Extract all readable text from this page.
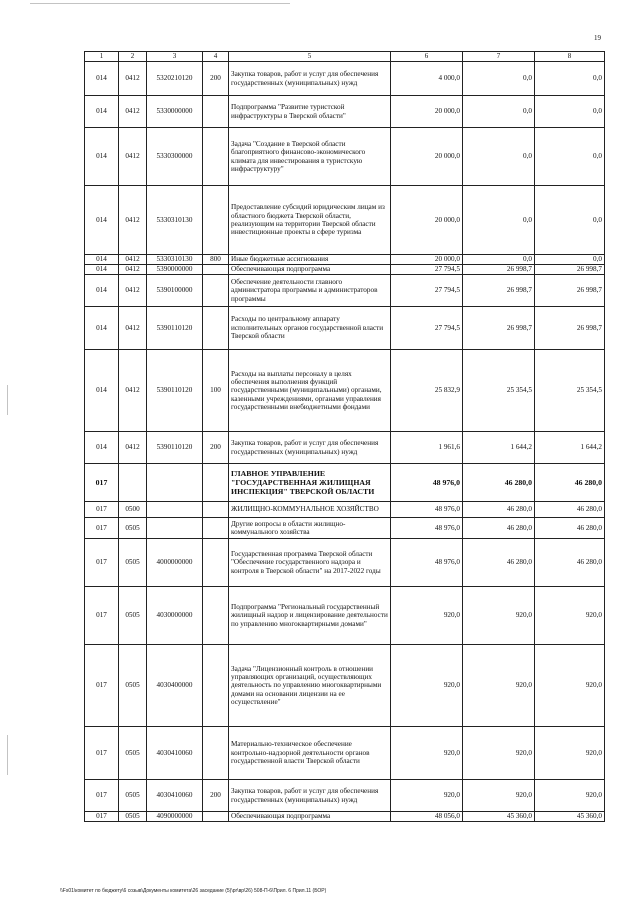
19
1	2	3	4	5	6	7	8
014	0412	5320210120	200	Закупка товаров, работ и услуг для обеспечения государственных (муниципальных) нужд	4 000,0	0,0	0,0
014	0412	5330000000		Подпрограмма "Развитие туристской инфраструктуры в Тверской области"	20 000,0	0,0	0,0
014	0412	5330300000		Задача "Создание в Тверской области благоприятного финансово-экономического климата для инвестирования в туристскую инфраструктуру"	20 000,0	0,0	0,0
014	0412	5330310130		Предоставление субсидий юридическим лицам из областного бюджета Тверской области, реализующим на территории Тверской области инвестиционные проекты в сфере туризма	20 000,0	0,0	0,0
014	0412	5330310130	800	Иные бюджетные ассигнования	20 000,0	0,0	0,0
014	0412	5390000000		Обеспечивающая подпрограмма	27 794,5	26 998,7	26 998,7
014	0412	5390100000		Обеспечение деятельности главного администратора программы и администраторов программы	27 794,5	26 998,7	26 998,7
014	0412	5390110120		Расходы по центральному аппарату исполнительных органов государственной власти Тверской области	27 794,5	26 998,7	26 998,7
014	0412	5390110120	100	Расходы на выплаты персоналу в целях обеспечения выполнения функций государственными (муниципальными) органами, казенными учреждениями, органами управления государственными внебюджетными фондами	25 832,9	25 354,5	25 354,5
014	0412	5390110120	200	Закупка товаров, работ и услуг для обеспечения государственных (муниципальных) нужд	1 961,6	1 644,2	1 644,2
017				ГЛАВНОЕ УПРАВЛЕНИЕ "ГОСУДАРСТВЕННАЯ ЖИЛИЩНАЯ ИНСПЕКЦИЯ" ТВЕРСКОЙ ОБЛАСТИ	48 976,0	46 280,0	46 280,0
017	0500			ЖИЛИЩНО-КОММУНАЛЬНОЕ ХОЗЯЙСТВО	48 976,0	46 280,0	46 280,0
017	0505			Другие вопросы в области жилищно-коммунального хозяйства	48 976,0	46 280,0	46 280,0
017	0505	4000000000		Государственная программа Тверской области "Обеспечение государственного надзора и контроля в Тверской области" на 2017-2022 годы	48 976,0	46 280,0	46 280,0
017	0505	4030000000		Подпрограмма "Региональный государственный жилищный надзор и лицензирование деятельности по управлению многоквартирными домами"	920,0	920,0	920,0
017	0505	4030400000		Задача "Лицензионный контроль в отношении управляющих организаций, осуществляющих деятельность по управлению многоквартирными домами на основании лицензии на ее осуществление"	920,0	920,0	920,0
017	0505	4030410060		Материально-техническое обеспечение контрольно-надзорной деятельности органов государственной власти Тверской области	920,0	920,0	920,0
017	0505	4030410060	200	Закупка товаров, работ и услуг для обеспечения государственных (муниципальных) нужд	920,0	920,0	920,0
017	0505	4090000000		Обеспечивающая подпрограмма	48 056,0	45 360,0	45 360,0
\\Fs01\комитет по бюджету\6 созыв\Документы комитета\26 заседание (5)\pr\вр\26) 508-П-6\Прил. 6 Прил.11 (БОР)
